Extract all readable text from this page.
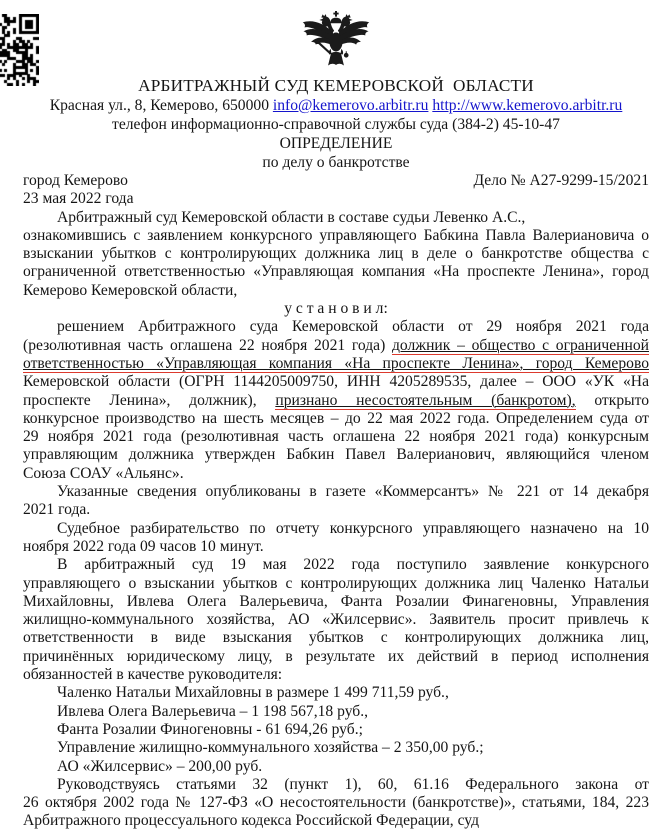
АРБИТРАЖНЫЙ СУД КЕМЕРОВСКОЙ  ОБЛАСТИ
Красная ул., 8, Кемерово, 650000 info@kemerovo.arbitr.ru http://www.kemerovo.arbitr.ru
телефон информационно-справочной службы суда (384-2) 45-10-47
ОПРЕДЕЛЕНИЕ
по делу о банкротстве
город Кемерово	Дело № А27-9299-15/2021
23 мая 2022 года
Арбитражный суд Кемеровской области в составе судьи Левенко А.С.,
ознакомившись с заявлением конкурсного управляющего Бабкина Павла Валериановича о
взыскании убытков с контролирующих должника лиц в деле о банкротстве общества с
ограниченной ответственностью «Управляющая компания «На проспекте Ленина», город
Кемерово Кемеровской области,
у с т а н о в и л:
решением Арбитражного суда Кемеровской области от 29 ноября 2021 года
(резолютивная часть оглашена 22 ноября 2021 года) должник – общество с ограниченной
ответственностью «Управляющая компания «На проспекте Ленина», город Кемерово
Кемеровской области (ОГРН 1144205009750, ИНН 4205289535, далее – ООО «УК «На
проспекте Ленина», должник), признано несостоятельным (банкротом), открыто
конкурсное производство на шесть месяцев – до 22 мая 2022 года. Определением суда от
29 ноября 2021 года (резолютивная часть оглашена 22 ноября 2021 года) конкурсным
управляющим должника утвержден Бабкин Павел Валерианович, являющийся членом
Союза СОАУ «Альянс».
Указанные сведения опубликованы в газете «Коммерсантъ» № 221 от 14 декабря
2021 года.
Судебное разбирательство по отчету конкурсного управляющего назначено на 10
ноября 2022 года 09 часов 10 минут.
В арбитражный суд 19 мая 2022 года поступило заявление конкурсного
управляющего о взыскании убытков с контролирующих должника лиц Чаленко Натальи
Михайловны, Ивлева Олега Валерьевича, Фанта Розалии Финагеновны, Управления
жилищно-коммунального хозяйства, АО «Жилсервис». Заявитель просит привлечь к
ответственности в виде взыскания убытков с контролирующих должника лиц,
причинённых юридическому лицу, в результате их действий в период исполнения
обязанностей в качестве руководителя:
Чаленко Натальи Михайловны в размере 1 499 711,59 руб.,
Ивлева Олега Валерьевича – 1 198 567,18 руб.,
Фанта Розалии Финогеновны - 61 694,26 руб.;
Управление жилищно-коммунального хозяйства – 2 350,00 руб.;
АО «Жилсервис» – 200,00 руб.
Руководствуясь статьями 32 (пункт 1), 60, 61.16 Федерального закона от
26 октября 2002 года № 127-ФЗ «О несостоятельности (банкротстве)», статьями, 184, 223
Арбитражного процессуального кодекса Российской Федерации, суд
